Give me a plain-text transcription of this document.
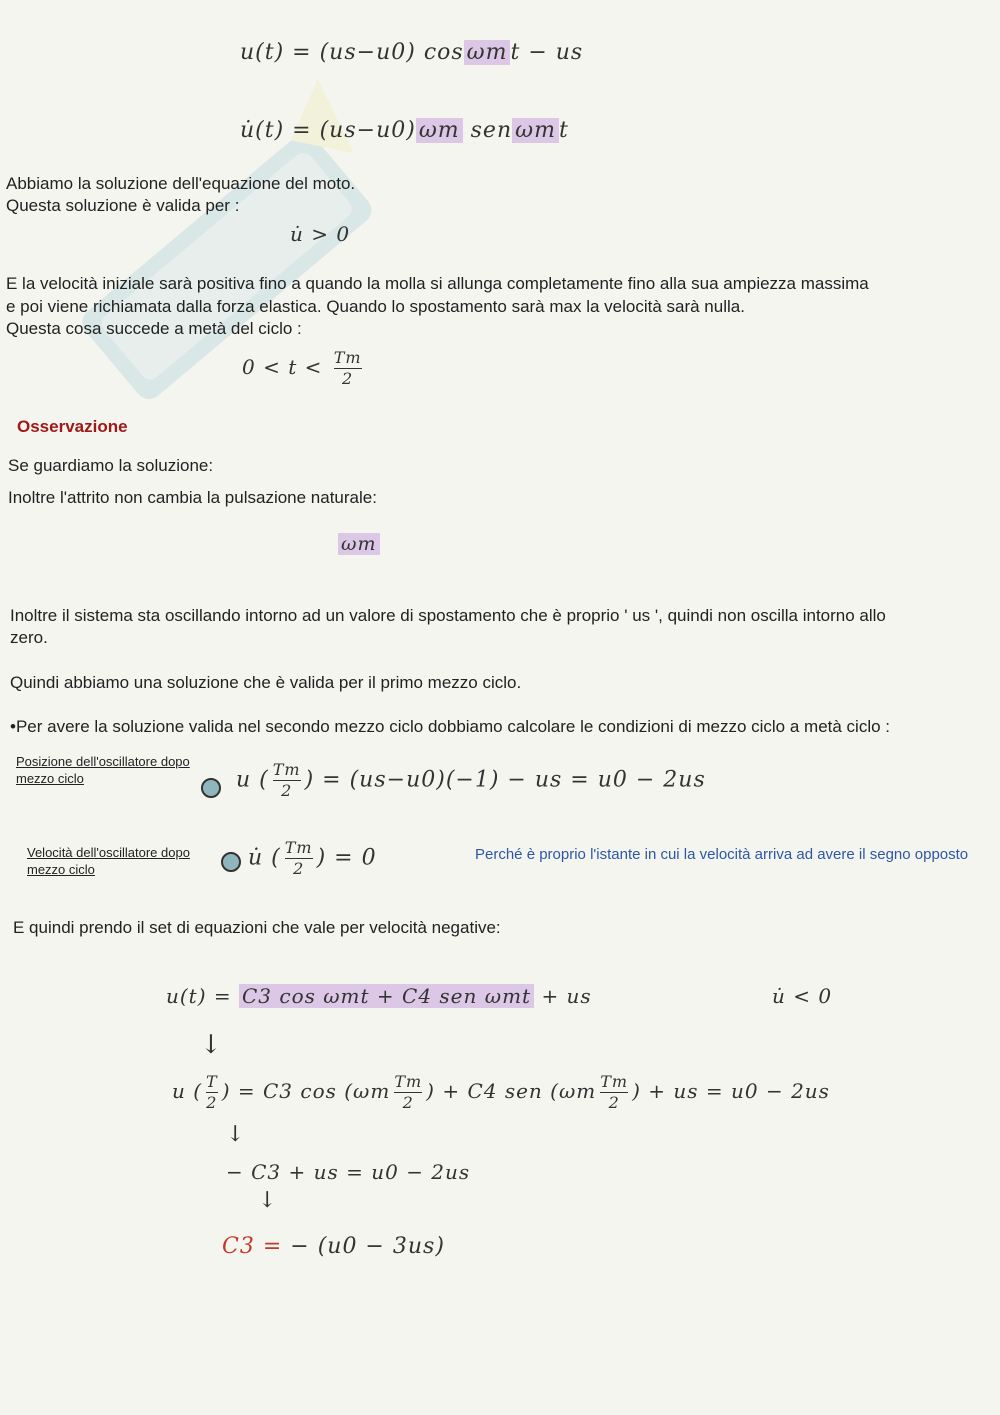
u(t) = (us−u0) cos ωm t − us
u̇(t) = (us−u0) ωm sen ωm t
Abbiamo la soluzione dell'equazione del moto.
Questa soluzione è valida per :
u̇ > 0
E la velocità iniziale sarà positiva fino a quando la molla si allunga completamente fino alla sua ampiezza massima
e poi viene richiamata dalla forza elastica. Quando lo spostamento sarà max la velocità sarà nulla.
Questa cosa succede a metà del ciclo :
$0 < t < \frac{Tm}{2}$
Osservazione
Se guardiamo la soluzione:
Inoltre l'attrito non cambia la pulsazione naturale:
ωm
Inoltre il sistema sta oscillando intorno ad un valore di spostamento che è proprio ' us ', quindi non oscilla intorno allo
zero.
Quindi abbiamo una soluzione che è valida per il primo mezzo ciclo.
•Per avere la soluzione valida nel secondo mezzo ciclo dobbiamo calcolare le condizioni di mezzo ciclo a metà ciclo :
Posizione dell'oscillatore dopo
mezzo ciclo	u ( $\frac{Tm}{2}$ ) = (us−u0)(−1) − us = u0 − 2us
Velocità dell'oscillatore dopo
mezzo ciclo	u̇ ( $\frac{Tm}{2}$ ) = 0	Perché è proprio l'istante in cui la velocità arriva ad avere il segno opposto
E quindi prendo il set di equazioni che vale per velocità negative:
u(t) = C3 cos ωmt + C4 sen ωmt + us	u̇ < 0
↓
u ( $\frac{T}{2}$ ) = C3 $\cos (\omega m \frac{Tm}{2}$ ) + C4 sen ($\omega m \frac{Tm}{2}$ ) + us = u0 − 2us
↓
− C3 + us = u0 − 2us
↓
C3 = − (u0 − 3us)
